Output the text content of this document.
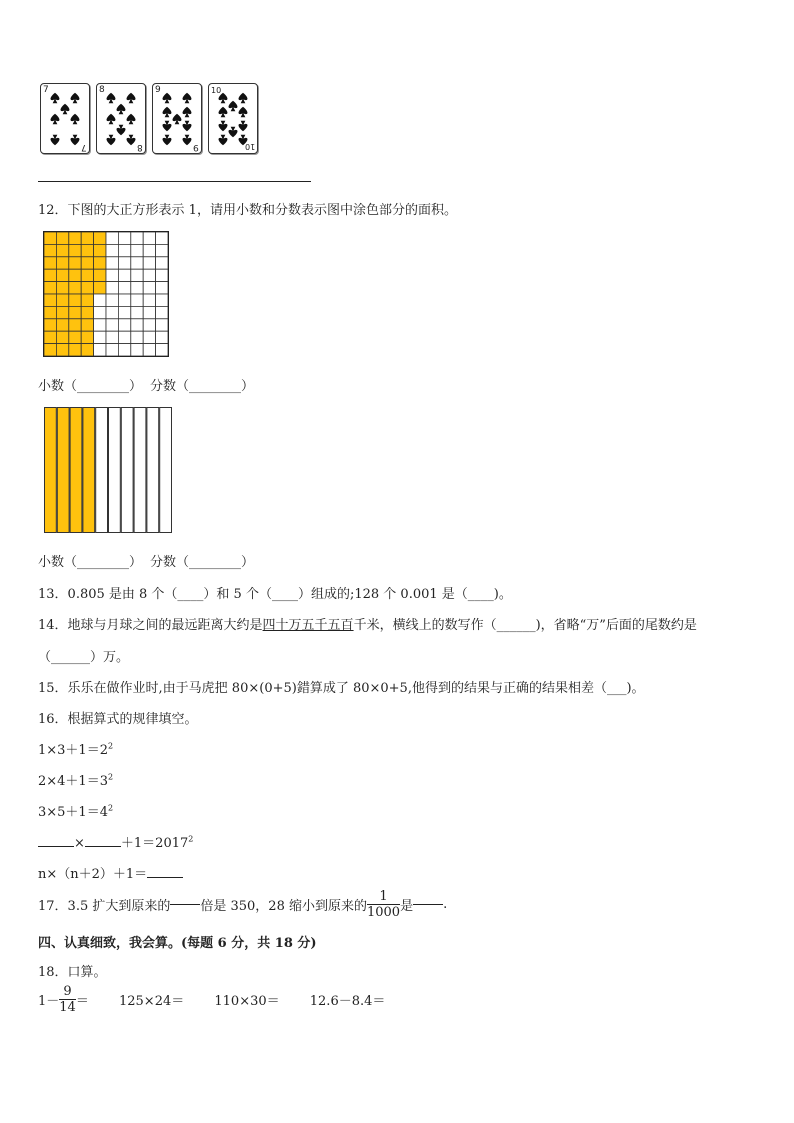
7
7
8
8
9
9
10
10
12．下图的大正方形表示 1，请用小数和分数表示图中涂色部分的面积。
小数（________） 分数（________）
小数（________） 分数（________）
13．0.805 是由 8 个（____）和 5 个（____）组成的;128 个 0.001 是（____)。
14．地球与月球之间的最远距离大约是四十万五千五百千米，横线上的数写作（______)，省略“万”后面的尾数约是
（______）万。
15．乐乐在做作业时,由于马虎把 80×(0+5)錯算成了 80×0+5,他得到的结果与正确的结果相差（___)。
16．根据算式的规律填空。
$1\times 3+1=2^2$
$2\times 4+1=3^2$
$3\times 5+1=4^2$
×	$+1=2017^2$
n×（n＋2）＋1＝
17．3.5 扩大到原来的 倍是 350，28 缩小到原来的 $\frac{1}{1000}$ 是 .
四、认真细致，我会算。(每题 6 分，共 18 分)
18．口算。
$1- \frac{9}{14} = 125\times 24= 110\times 30= 12.6-8.4=$
